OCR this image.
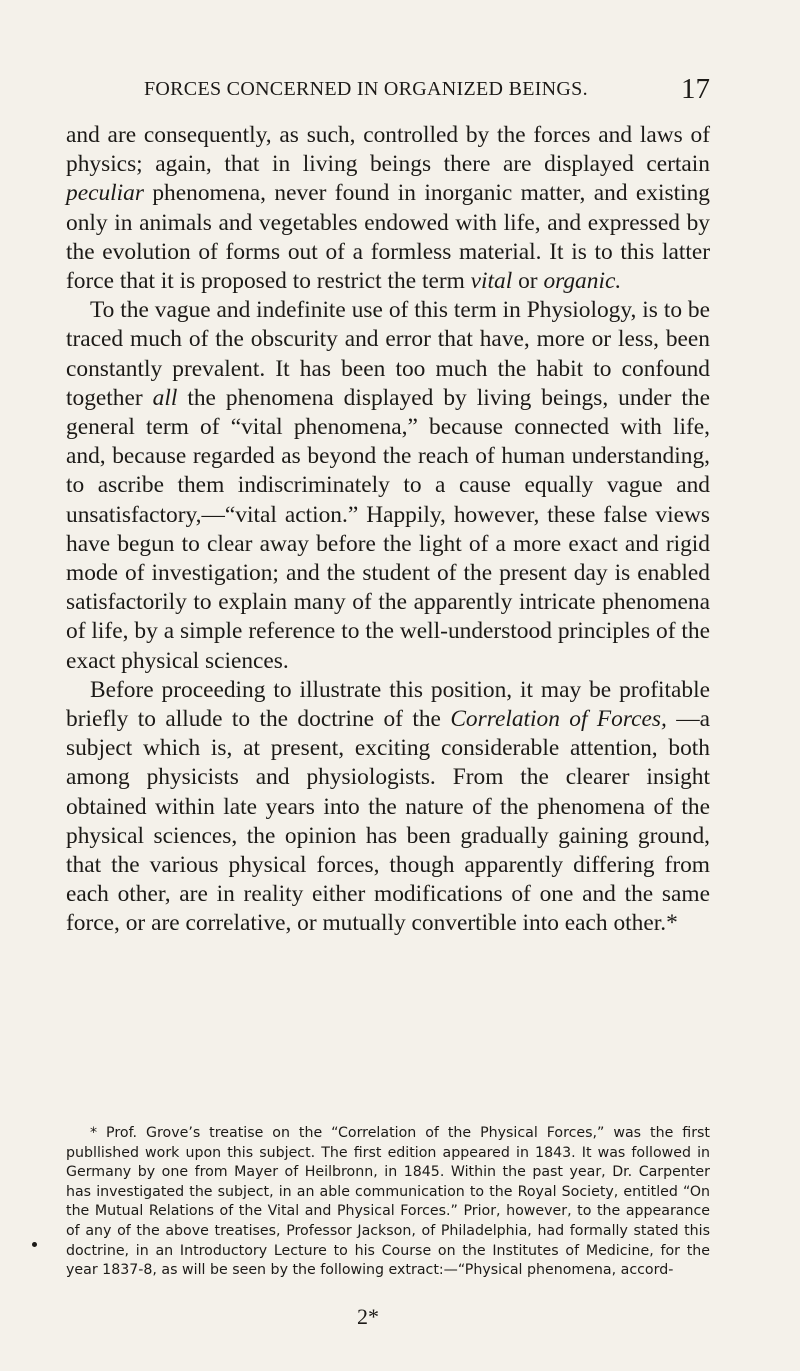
FORCES CONCERNED IN ORGANIZED BEINGS.	17

and are consequently, as such, controlled by the forces and laws of physics; again, that in living beings there are displayed certain peculiar phenomena, never found in inorganic matter, and existing only in animals and vegetables endowed with life, and expressed by the evolution of forms out of a formless material. It is to this latter force that it is proposed to restrict the term vital or organic.

To the vague and indefinite use of this term in Physiology, is to be traced much of the obscurity and error that have, more or less, been constantly prevalent. It has been too much the habit to confound together all the phenomena displayed by living beings, under the general term of “vital phenomena,” because connected with life, and, because regarded as beyond the reach of human understanding, to ascribe them indiscriminately to a cause equally vague and unsatisfactory,—“vital action.” Happily, however, these false views have begun to clear away before the light of a more exact and rigid mode of investigation; and the student of the present day is enabled satisfactorily to explain many of the apparently intricate phenomena of life, by a simple reference to the well-understood principles of the exact physical sciences.

Before proceeding to illustrate this position, it may be profitable briefly to allude to the doctrine of the Correlation of Forces, —a subject which is, at present, exciting considerable attention, both among physicists and physiologists. From the clearer insight obtained within late years into the nature of the phenomena of the physical sciences, the opinion has been gradually gaining ground, that the various physical forces, though apparently differing from each other, are in reality either modifications of one and the same force, or are correlative, or mutually convertible into each other.*

* Prof. Grove’s treatise on the “Correlation of the Physical Forces,” was the first publlished work upon this subject. The first edition appeared in 1843. It was followed in Germany by one from Mayer of Heilbronn, in 1845. Within the past year, Dr. Carpenter has investigated the subject, in an able communication to the Royal Society, entitled “On the Mutual Relations of the Vital and Physical Forces.” Prior, however, to the appearance of any of the above treatises, Professor Jackson, of Philadelphia, had formally stated this doctrine, in an Introductory Lecture to his Course on the Institutes of Medicine, for the year 1837-8, as will be seen by the following extract:—“Physical phenomena, accord-
2*
